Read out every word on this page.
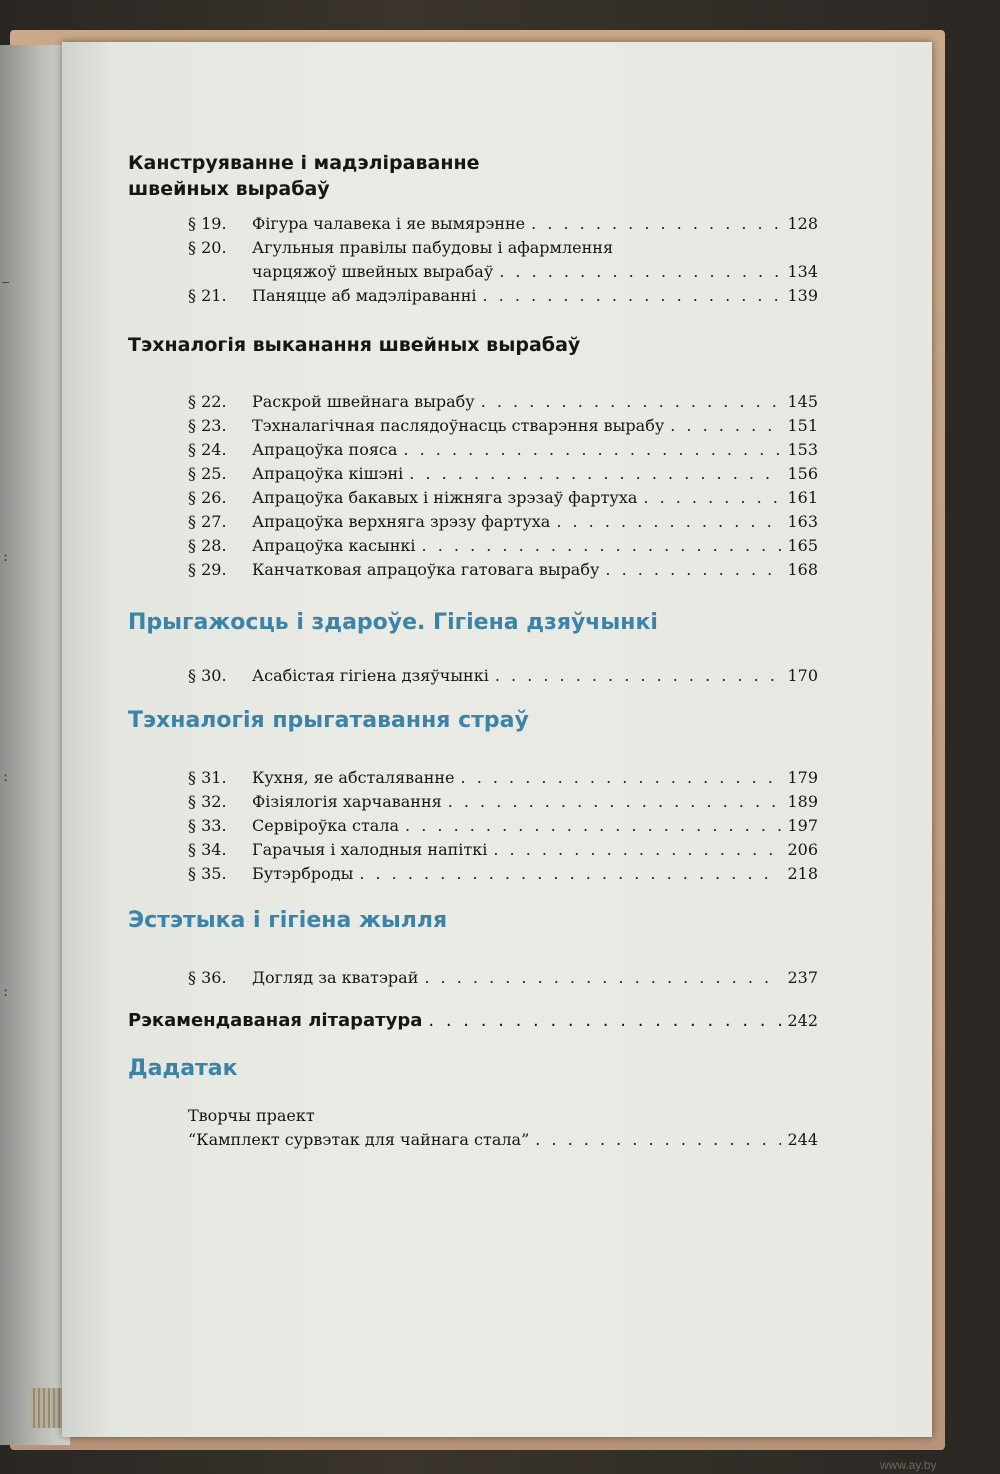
—
:
:
:

Канструяванне і мадэліраванне

швейных вырабаў

§ 19.	Фігура чалавека і яе вымярэнне . . .	128
§ 20.	Агульныя правілы пабудовы і афармлення
чарцяжоў швейных вырабаў . . .	134
§ 21.	Паняцце аб мадэліраванні . . .	139

Тэхналогія выканання швейных вырабаў

§ 22.	Раскрой швейнага вырабу . . .	145
§ 23.	Тэхналагічная паслядоўнасць стварэння вырабу . . .	151
§ 24.	Апрацоўка пояса . . .	153
§ 25.	Апрацоўка кішэні . . .	156
§ 26.	Апрацоўка бакавых і ніжняга зрэзаў фартуха . . .	161
§ 27.	Апрацоўка верхняга зрэзу фартуха . . .	163
§ 28.	Апрацоўка касынкі . . .	165
§ 29.	Канчатковая апрацоўка гатовага вырабу . . .	168

Прыгажосць і здароўе. Гігіена дзяўчынкі

§ 30.	Асабістая гігіена дзяўчынкі . . .	170

Тэхналогія прыгатавання страў

§ 31.	Кухня, яе абсталяванне . . .	179
§ 32.	Фізіялогія харчавання . . .	189
§ 33.	Сервіроўка стала . . .	197
§ 34.	Гарачыя і халодныя напіткі . . .	206
§ 35.	Бутэрброды . . .	218

Эстэтыка і гігіена жылля

§ 36.	Догляд за кватэрай . . .	237
Рэкамендаваная літаратура . . .	242

Дадатак

Творчы праект
“Камплект сурвэтак для чайнага стала” . . .	244
www.ay.by
